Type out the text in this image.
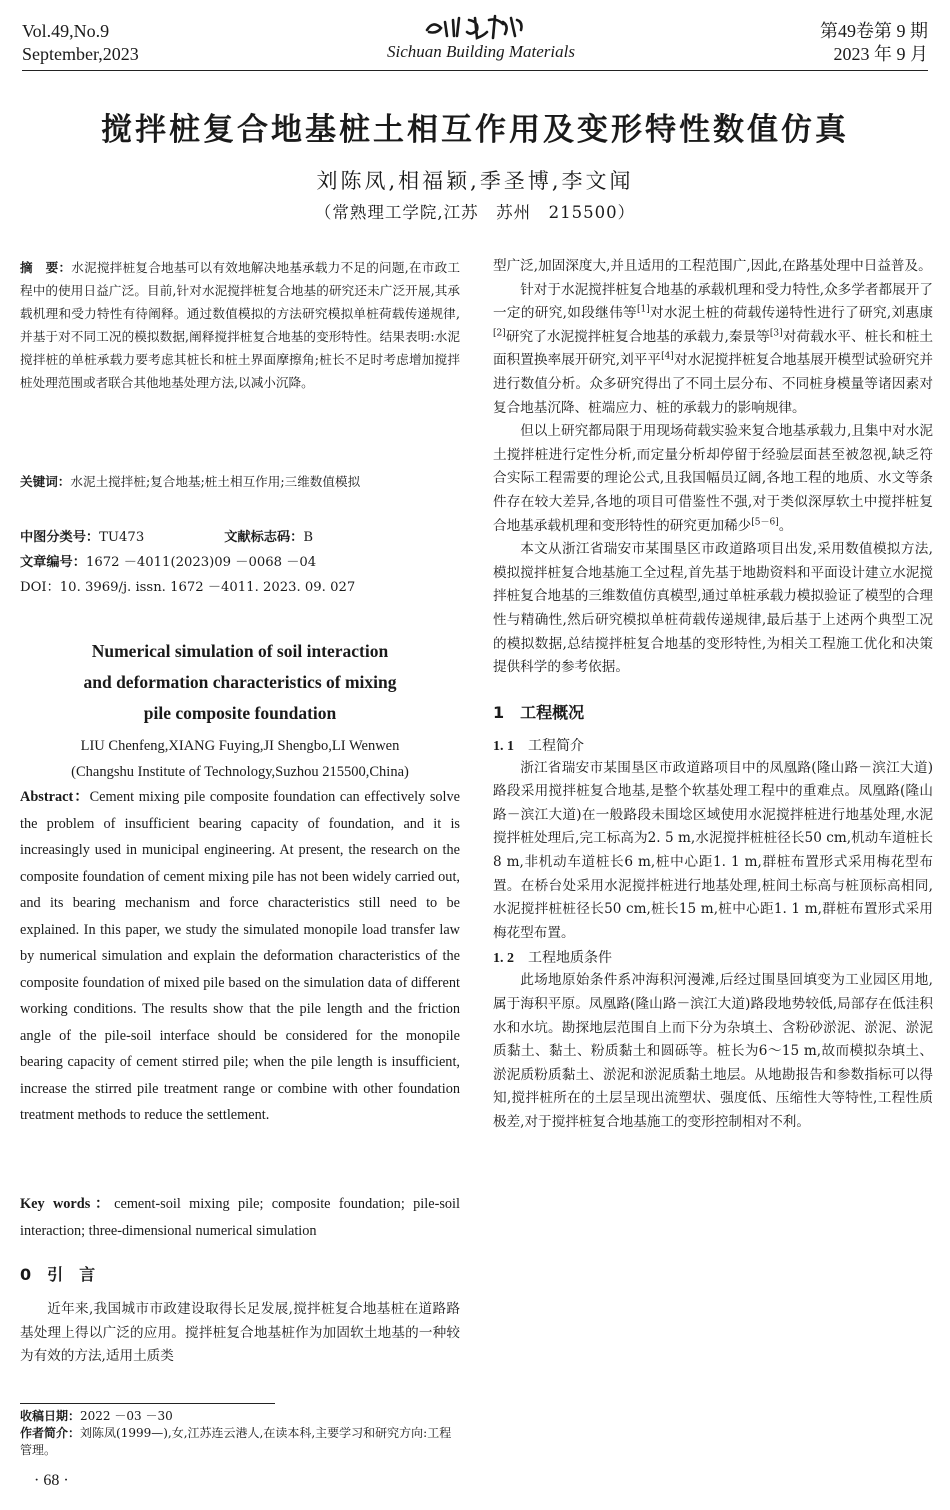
Vol.49,No.9
September,2023	Sichuan Building Materials
第49卷第 9 期
2023 年 9 月
搅拌桩复合地基桩土相互作用及变形特性数值仿真
刘陈凤,相福颖,季圣博,李文闻
（常熟理工学院,江苏　苏州　215500）
摘　要：水泥搅拌桩复合地基可以有效地解决地基承载力不足的问题,在市政工程中的使用日益广泛。目前,针对水泥搅拌桩复合地基的研究还未广泛开展,其承载机理和受力特性有待阐释。通过数值模拟的方法研究模拟单桩荷载传递规律,并基于对不同工况的模拟数据,阐释搅拌桩复合地基的变形特性。结果表明:水泥搅拌桩的单桩承载力要考虑其桩长和桩土界面摩擦角;桩长不足时考虑增加搅拌桩处理范围或者联合其他地基处理方法,以减小沉降。
关键词：水泥土搅拌桩;复合地基;桩土相互作用;三维数值模拟
中图分类号：TU473	文献标志码：B
文章编号：1672 －4011(2023)09 －0068 －04
DOI：10. 3969/j. issn. 1672 －4011. 2023. 09. 027
Numerical simulation of soil interaction
and deformation characteristics of mixing
pile composite foundation
LIU Chenfeng,XIANG Fuying,JI Shengbo,LI Wenwen
(Changshu Institute of Technology,Suzhou 215500,China)
Abstract：Cement mixing pile composite foundation can effectively solve the problem of insufficient bearing capacity of foundation, and it is increasingly used in municipal engineering. At present, the research on the composite foundation of cement mixing pile has not been widely carried out, and its bearing mechanism and force characteristics still need to be explained. In this paper, we study the simulated monopile load transfer law by numerical simulation and explain the deformation characteristics of the composite foundation of mixed pile based on the simulation data of different working conditions. The results show that the pile length and the friction angle of the pile-soil interface should be considered for the monopile bearing capacity of cement stirred pile; when the pile length is insufficient, increase the stirred pile treatment range or combine with other foundation treatment methods to reduce the settlement.
Key words：cement-soil mixing pile; composite foundation; pile-soil interaction; three-dimensional numerical simulation
0　引　言

近年来,我国城市市政建设取得长足发展,搅拌桩复合地基桩在道路路基处理上得以广泛的应用。搅拌桩复合地基桩作为加固软土地基的一种较为有效的方法,适用土质类

收稿日期：2022 －03 －30
作者简介：刘陈凤(1999—),女,江苏连云港人,在读本科,主要学习和研究方向:工程管理。
· 68 ·

型广泛,加固深度大,并且适用的工程范围广,因此,在路基处理中日益普及。

针对于水泥搅拌桩复合地基的承载机理和受力特性,众多学者都展开了一定的研究,如段继伟等[1]对水泥土桩的荷载传递特性进行了研究,刘惠康[2]研究了水泥搅拌桩复合地基的承载力,秦景等[3]对荷载水平、桩长和桩土面积置换率展开研究,刘平平[4]对水泥搅拌桩复合地基展开模型试验研究并进行数值分析。众多研究得出了不同土层分布、不同桩身模量等诸因素对复合地基沉降、桩端应力、桩的承载力的影响规律。

但以上研究都局限于用现场荷载实验来复合地基承载力,且集中对水泥土搅拌桩进行定性分析,而定量分析却停留于经验层面甚至被忽视,缺乏符合实际工程需要的理论公式,且我国幅员辽阔,各地工程的地质、水文等条件存在较大差异,各地的项目可借鉴性不强,对于类似深厚软土中搅拌桩复合地基承载机理和变形特性的研究更加稀少[5－6]。

本文从浙江省瑞安市某围垦区市政道路项目出发,采用数值模拟方法,模拟搅拌桩复合地基施工全过程,首先基于地勘资料和平面设计建立水泥搅拌桩复合地基的三维数值仿真模型,通过单桩承载力模拟验证了模型的合理性与精确性,然后研究模拟单桩荷载传递规律,最后基于上述两个典型工况的模拟数据,总结搅拌桩复合地基的变形特性,为相关工程施工优化和决策提供科学的参考依据。

1　工程概况
1. 1 工程简介

浙江省瑞安市某围垦区市政道路项目中的凤凰路(隆山路－滨江大道)路段采用搅拌桩复合地基,是整个软基处理工程中的重难点。凤凰路(隆山路－滨江大道)在一般路段未围埝区域使用水泥搅拌桩进行地基处理,水泥搅拌桩处理后,完工标高为2. 5 m,水泥搅拌桩桩径长50 cm,机动车道桩长8 m,非机动车道桩长6 m,桩中心距1. 1 m,群桩布置形式采用梅花型布置。在桥台处采用水泥搅拌桩进行地基处理,桩间土标高与桩顶标高相同,水泥搅拌桩桩径长50 cm,桩长15 m,桩中心距1. 1 m,群桩布置形式采用梅花型布置。

1. 2 工程地质条件

此场地原始条件系冲海积河漫滩,后经过围垦回填变为工业园区用地,属于海积平原。凤凰路(隆山路－滨江大道)路段地势较低,局部存在低洼积水和水坑。勘探地层范围自上而下分为杂填土、含粉砂淤泥、淤泥、淤泥质黏土、黏土、粉质黏土和圆砾等。桩长为6～15 m,故而模拟杂填土、淤泥质粉质黏土、淤泥和淤泥质黏土地层。从地勘报告和参数指标可以得知,搅拌桩所在的土层呈现出流塑状、强度低、压缩性大等特性,工程性质极差,对于搅拌桩复合地基施工的变形控制相对不利。
